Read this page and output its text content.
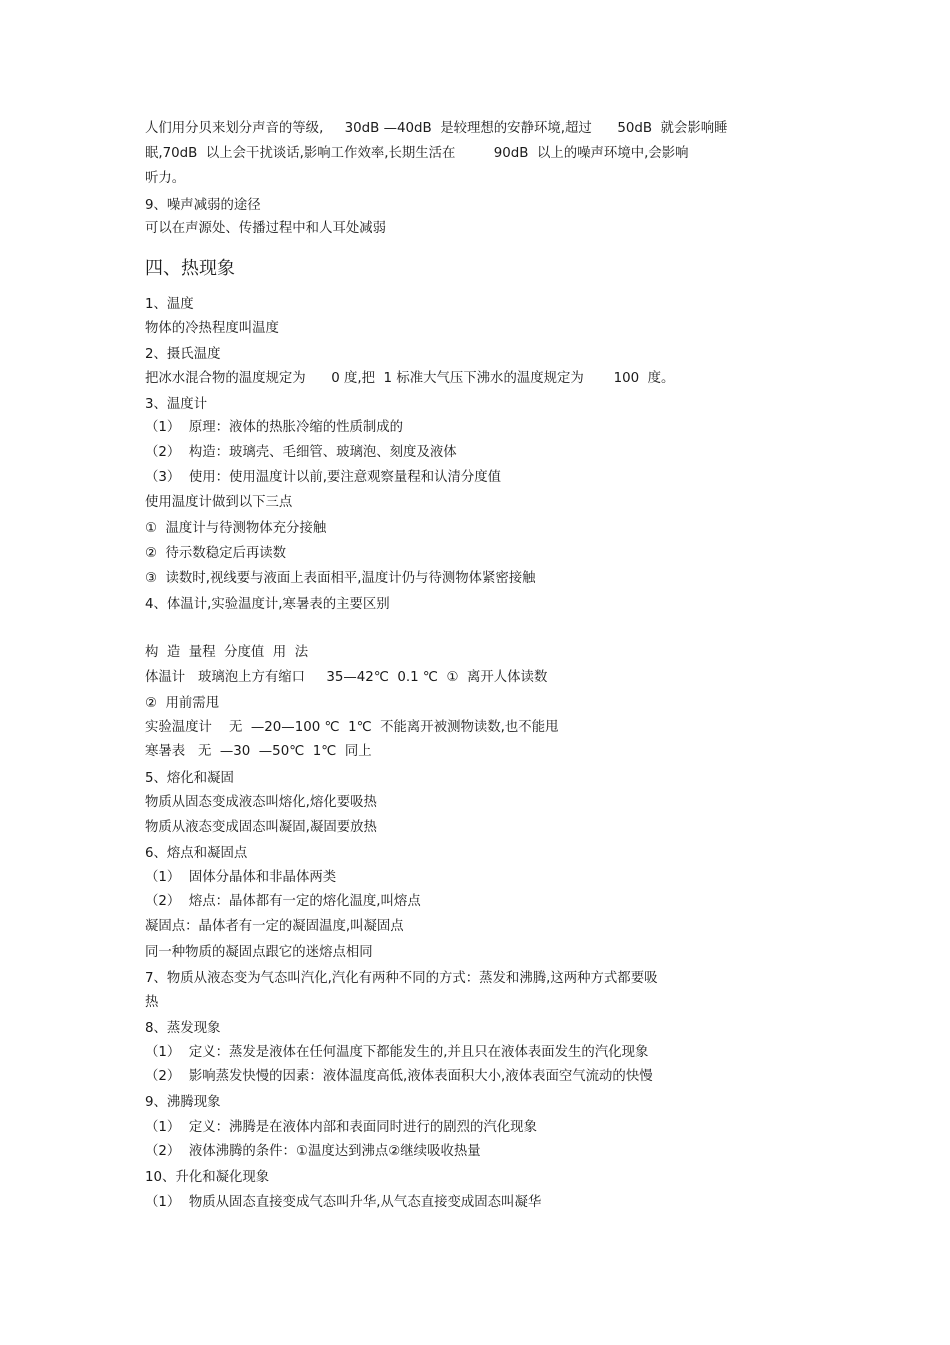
人们用分贝来划分声音的等级,     30dB —40dB  是较理想的安静环境,超过      50dB  就会影响睡
眠,70dB  以上会干扰谈话,影响工作效率,长期生活在         90dB  以上的噪声环境中,会影响
听力。
9、噪声减弱的途径
可以在声源处、传播过程中和人耳处减弱
四、热现象
1、温度
物体的冷热程度叫温度
2、摄氏温度
把冰水混合物的温度规定为      0 度,把  1 标准大气压下沸水的温度规定为       100  度。
3、温度计
（1）  原理：液体的热胀冷缩的性质制成的
（2）  构造：玻璃壳、毛细管、玻璃泡、刻度及液体
（3）  使用：使用温度计以前,要注意观察量程和认清分度值
使用温度计做到以下三点
①  温度计与待测物体充分接触
②  待示数稳定后再读数
③  读数时,视线要与液面上表面相平,温度计仍与待测物体紧密接触
4、体温计,实验温度计,寒暑表的主要区别
构  造  量程  分度值  用  法
体温计   玻璃泡上方有缩口     35—42℃  0.1 ℃  ①  离开人体读数
②  用前需甩
实验温度计    无  —20—100 ℃  1℃  不能离开被测物读数,也不能甩
寒暑表   无  —30  —50℃  1℃  同上
5、熔化和凝固
物质从固态变成液态叫熔化,熔化要吸热
物质从液态变成固态叫凝固,凝固要放热
6、熔点和凝固点
（1）  固体分晶体和非晶体两类
（2）  熔点：晶体都有一定的熔化温度,叫熔点
凝固点：晶体者有一定的凝固温度,叫凝固点
同一种物质的凝固点跟它的迷熔点相同
7、物质从液态变为气态叫汽化,汽化有两种不同的方式：蒸发和沸腾,这两种方式都要吸
热
8、蒸发现象
（1）  定义：蒸发是液体在任何温度下都能发生的,并且只在液体表面发生的汽化现象
（2）  影响蒸发快慢的因素：液体温度高低,液体表面积大小,液体表面空气流动的快慢
9、沸腾现象
（1）  定义：沸腾是在液体内部和表面同时进行的剧烈的汽化现象
（2）  液体沸腾的条件：①温度达到沸点②继续吸收热量
10、升化和凝化现象
（1）  物质从固态直接变成气态叫升华,从气态直接变成固态叫凝华
